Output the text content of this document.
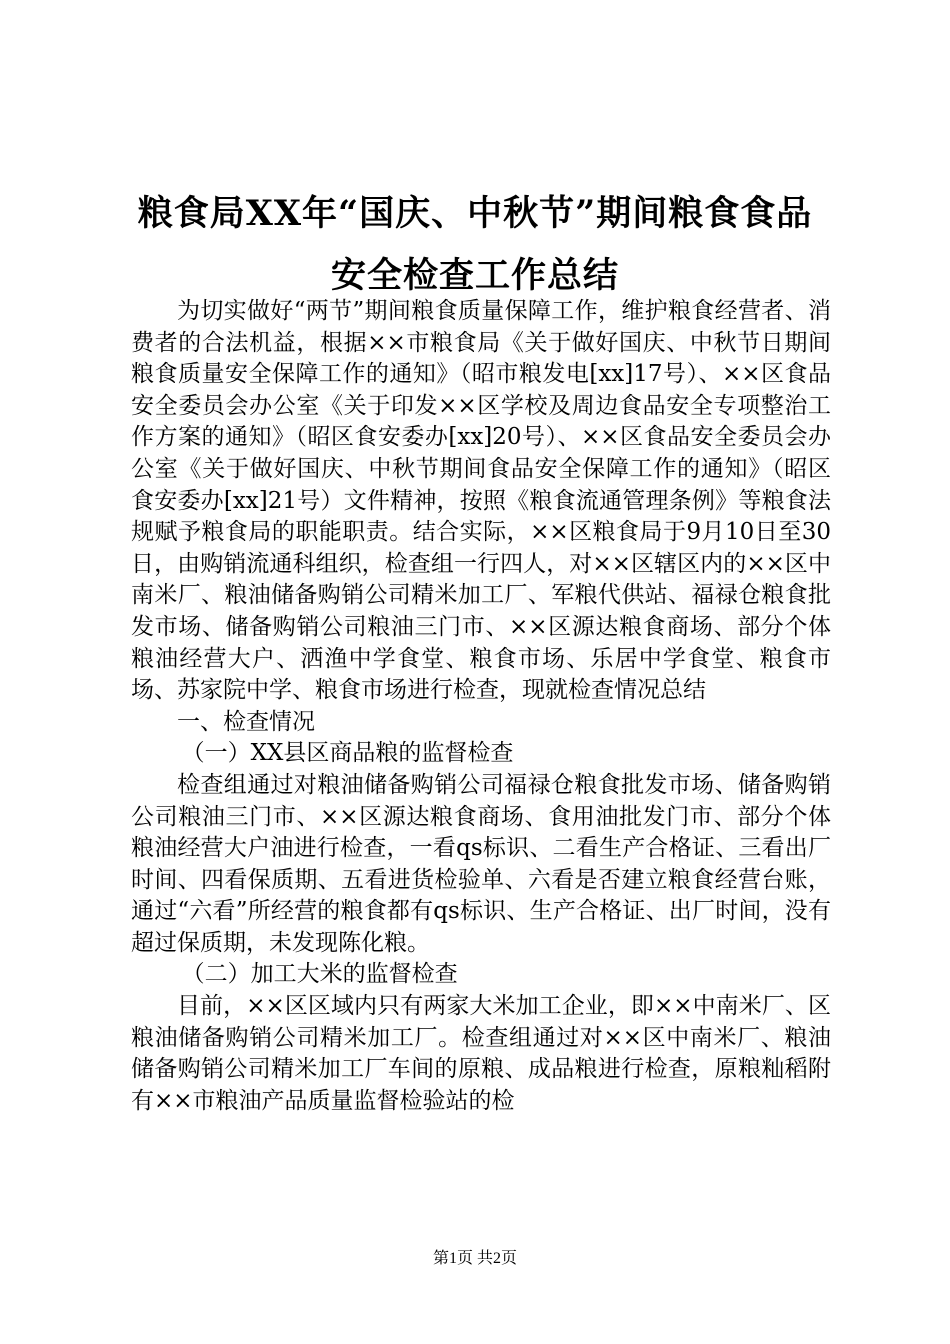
粮食局XX年“国庆、中秋节”期间粮食食品
安全检查工作总结

为切实做好“两节”期间粮食质量保障工作，维护粮食经营者、消费者的合法机益，根据××市粮食局《关于做好国庆、中秋节日期间粮食质量安全保障工作的通知》（昭市粮发电[xx]17号）、××区食品安全委员会办公室《关于印发××区学校及周边食品安全专项整治工作方案的通知》（昭区食安委办[xx]20号）、××区食品安全委员会办公室《关于做好国庆、中秋节期间食品安全保障工作的通知》（昭区食安委办[xx]21号）文件精神，按照《粮食流通管理条例》等粮食法规赋予粮食局的职能职责。结合实际，××区粮食局于9月10日至30日，由购销流通科组织，检查组一行四人，对××区辖区内的××区中南米厂、粮油储备购销公司精米加工厂、军粮代供站、福禄仓粮食批发市场、储备购销公司粮油三门市、××区源达粮食商场、部分个体粮油经营大户、洒渔中学食堂、粮食市场、乐居中学食堂、粮食市场、苏家院中学、粮食市场进行检查，现就检查情况总结

一、检查情况

（一）XX县区商品粮的监督检查

检查组通过对粮油储备购销公司福禄仓粮食批发市场、储备购销公司粮油三门市、××区源达粮食商场、食用油批发门市、部分个体粮油经营大户油进行检查，一看qs标识、二看生产合格证、三看出厂时间、四看保质期、五看进货检验单、六看是否建立粮食经营台账，通过“六看”所经营的粮食都有qs标识、生产合格证、出厂时间，没有超过保质期，未发现陈化粮。

（二）加工大米的监督检查

目前，××区区域内只有两家大米加工企业，即××中南米厂、区粮油储备购销公司精米加工厂。检查组通过对××区中南米厂、粮油储备购销公司精米加工厂车间的原粮、成品粮进行检查，原粮籼稻附有××市粮油产品质量监督检验站的检

第1页 共2页
